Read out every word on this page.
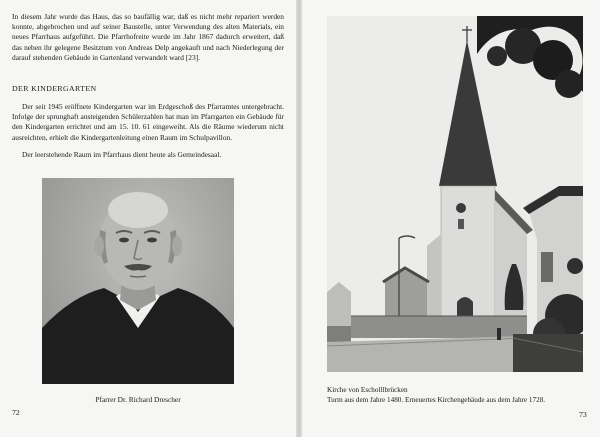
In diesem Jahr wurde das Haus, das so baufällig war, daß es nicht mehr repariert werden konnte, abgebrochen und auf seiner Baustelle, unter Verwendung des alten Materials, ein neues Pfarrhaus aufgeführt. Die Pfarrhofreite wurde im Jahr 1867 dadurch erweitert, daß das neben ihr gelegene Besitztum von Andreas Delp angekauft und nach Niederlegung der darauf stehenden Gebäude in Gartenland verwandelt ward [23].

DER KINDERGARTEN

Der seit 1945 eröffnete Kindergarten war im Erdgeschoß des Pfarramtes untergebracht. Infolge der sprunghaft ansteigenden Schülerzahlen hat man im Pfarrgarten ein Gebäude für den Kindergarten errichtet und am 15. 10. 61 eingeweiht. Als die Räume wiederum nicht ausreichten, erhielt die Kindergartenleitung einen Raum im Schulpavillon.

Der leerstehende Raum im Pfarrhaus dient heute als Gemeindesaal.

Pfarrer Dr. Richard Drescher
72
Kirche von Escholllbrücken
Turm aus dem Jahre 1480. Erneuertes Kirchengebäude aus dem Jahre 1728.
73
